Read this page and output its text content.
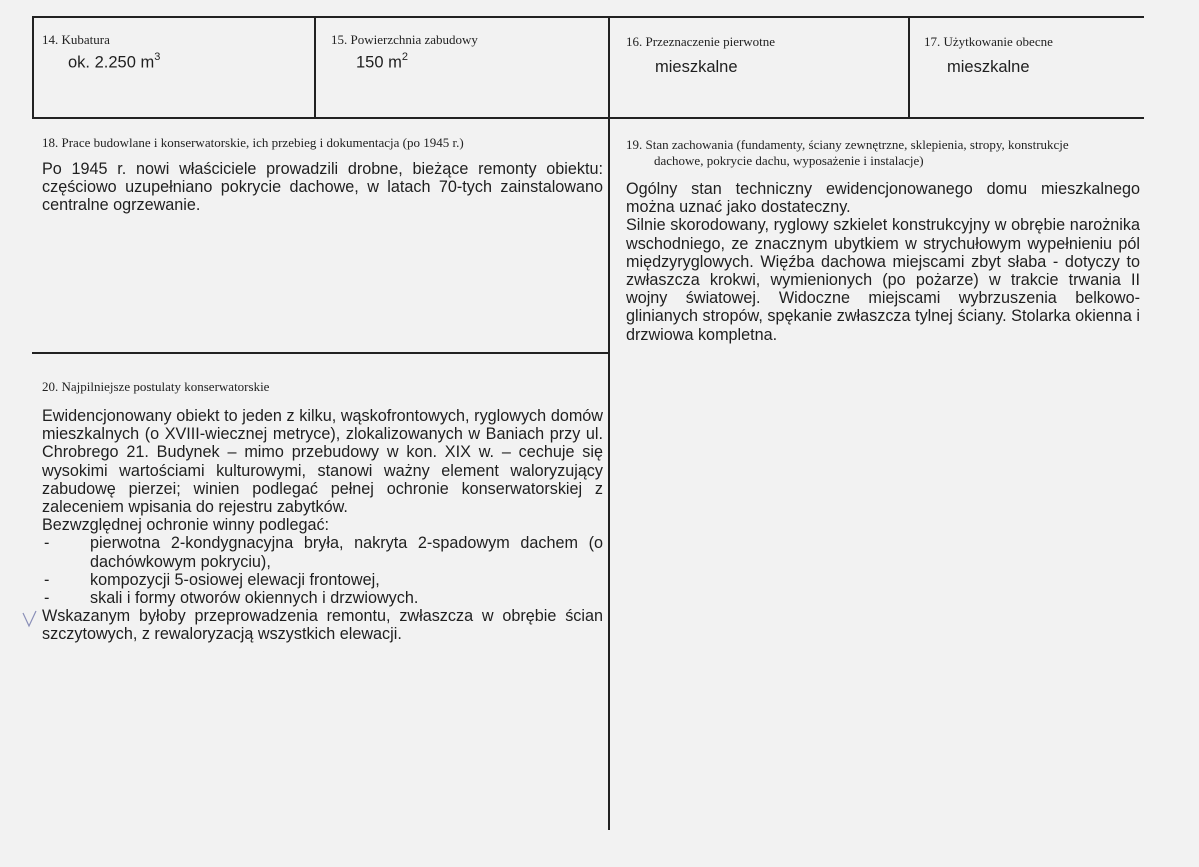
14. Kubatura
ok. 2.250 $m^3$
15. Powierzchnia zabudowy
150 $m^2$
16. Przeznaczenie pierwotne
mieszkalne
17. Użytkowanie obecne
mieszkalne
18. Prace budowlane i konserwatorskie, ich przebieg i dokumentacja (po 1945 r.)
Po 1945 r. nowi właściciele prowadzili drobne, bieżące remonty obiektu: częściowo uzupełniano pokrycie dachowe, w latach 70-tych zainstalowano centralne ogrzewanie.
19. Stan zachowania (fundamenty, ściany zewnętrzne, sklepienia, stropy, konstrukcje
dachowe, pokrycie dachu, wyposażenie i instalacje)

Ogólny stan techniczny ewidencjonowanego domu mieszkalnego można uznać jako dostateczny.

Silnie skorodowany, ryglowy szkielet konstrukcyjny w obrębie narożnika wschodniego, ze znacznym ubytkiem w strychułowym wypełnieniu pól międzyryglowych. Więźba dachowa miejscami zbyt słaba - dotyczy to zwłaszcza krokwi, wymienionych (po pożarze) w trakcie trwania II wojny światowej. Widoczne miejscami wybrzuszenia belkowo-glinianych stropów, spękanie zwłaszcza tylnej ściany. Stolarka okienna i drzwiowa kompletna.

20. Najpilniejsze postulaty konserwatorskie

Ewidencjonowany obiekt to jeden z kilku, wąskofrontowych, ryglowych domów mieszkalnych (o XVIII-wiecznej metryce), zlokalizowanych w Baniach przy ul. Chrobrego 21. Budynek – mimo przebudowy w kon. XIX w. – cechuje się wysokimi wartościami kulturowymi, stanowi ważny element waloryzujący zabudowę pierzei; winien podlegać pełnej ochronie konserwatorskiej z zaleceniem wpisania do rejestru zabytków.

Bezwzględnej ochronie winny podlegać:

-	pierwotna 2-kondygnacyjna bryła, nakryta 2-spadowym dachem (o dachówkowym pokryciu),
-	kompozycji 5-osiowej elewacji frontowej,
-	skali i formy otworów okiennych i drzwiowych.

Wskazanym byłoby przeprowadzenia remontu, zwłaszcza w obrębie ścian szczytowych, z rewaloryzacją wszystkich elewacji.
